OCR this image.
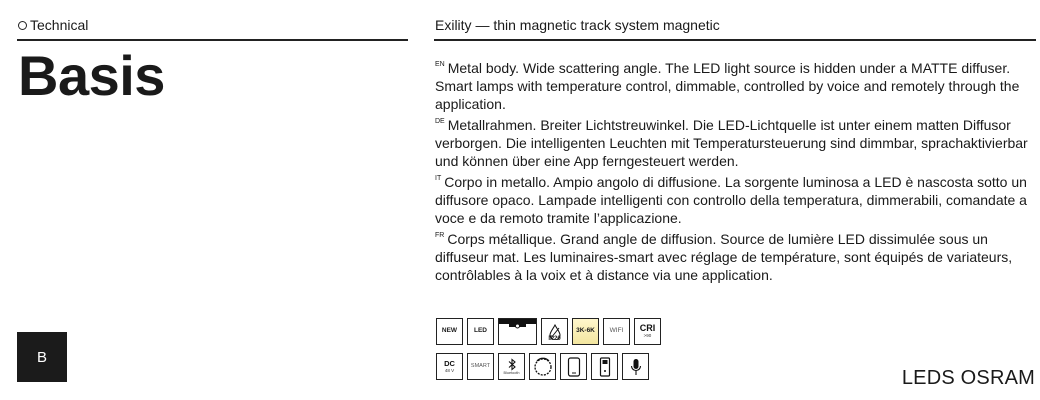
Technical	Exility — thin magnetic track system magnetic
Basis	$^{EN}$ Metal body. Wide scattering angle. The LED light source is hidden under a MATTE diffuser. Smart lamps with temperature control, dimmable, controlled by voice and remotely through the application.

$^{DE}$ Metallrahmen. Breiter Lichtstreuwinkel. Die LED-Lichtquelle ist unter einem matten Diffusor verborgen. Die intelligenten Leuchten mit Temperatursteuerung sind dimmbar, sprachaktivierbar und können über eine App ferngesteuert werden.

$^{IT}$ Corpo in metallo. Ampio angolo di diffusione. La sorgente luminosa a LED è nascosta sotto un diffusore opaco. Lampade intelligenti con controllo della temperatura, dimmerabili, comandate a voce e da remoto tramite l’applicazione.

$^{FR}$ Corps métallique. Grand angle de diffusion. Source de lumière LED dissimulée sous un diffuseur mat. Les luminaires-smart avec réglage de température, sont équipés de variateurs, contrôlables à la voix et à distance via une application.

B
NEW	LED
IP20
3K-6K WIFI CRI
>90
DC
48 V
SMART
Bluetooth	LEDS OSRAM
